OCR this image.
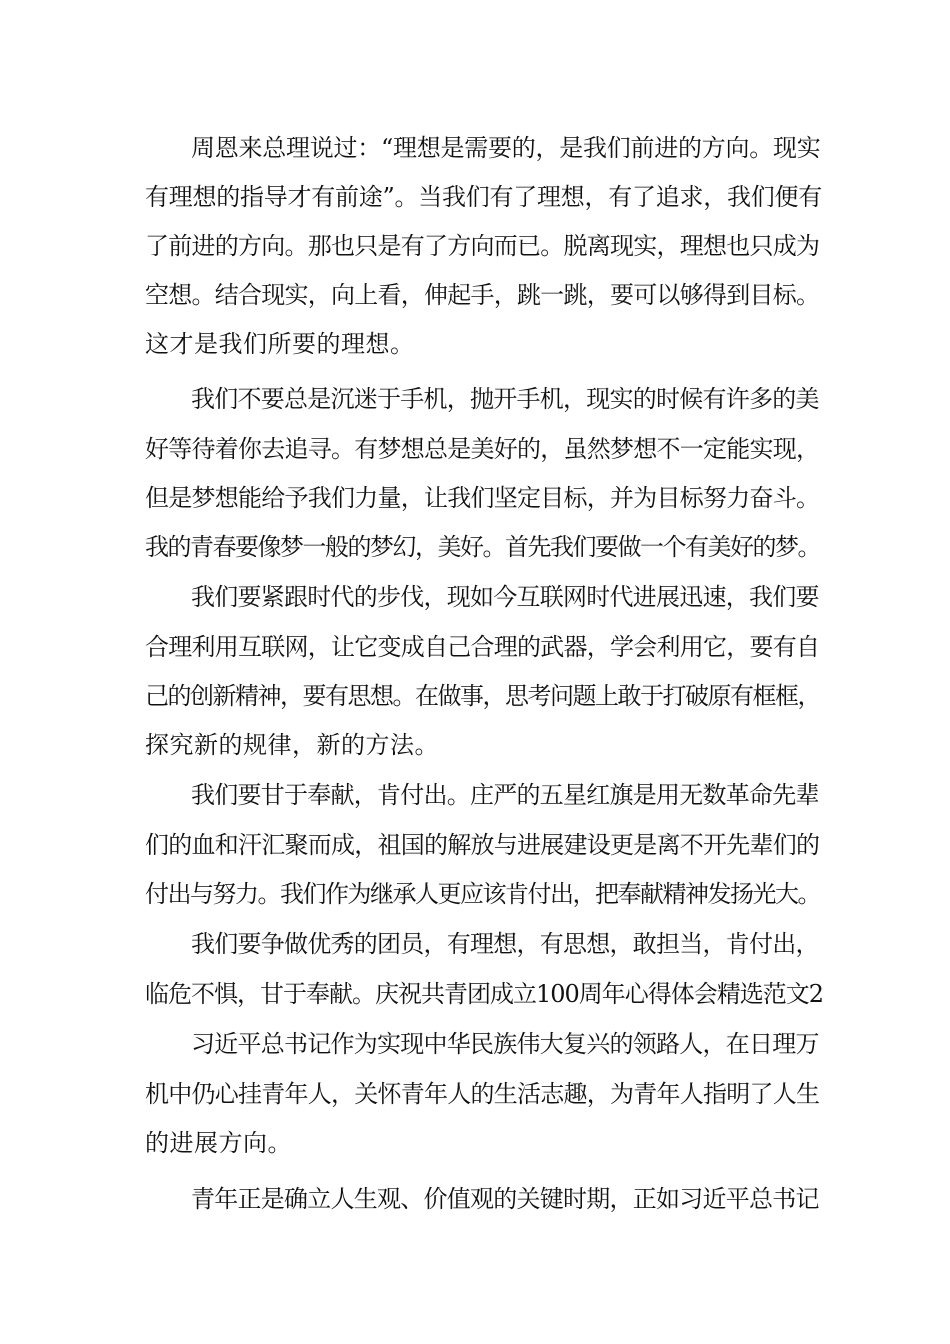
周恩来总理说过：“理想是需要的，是我们前进的方向。现实
有理想的指导才有前途”。当我们有了理想，有了追求，我们便有
了前进的方向。那也只是有了方向而已。脱离现实，理想也只成为
空想。结合现实，向上看，伸起手，跳一跳，要可以够得到目标。
这才是我们所要的理想。
我们不要总是沉迷于手机，抛开手机，现实的时候有许多的美
好等待着你去追寻。有梦想总是美好的，虽然梦想不一定能实现，
但是梦想能给予我们力量，让我们坚定目标，并为目标努力奋斗。
我的青春要像梦一般的梦幻，美好。首先我们要做一个有美好的梦。
我们要紧跟时代的步伐，现如今互联网时代进展迅速，我们要
合理利用互联网，让它变成自己合理的武器，学会利用它，要有自
己的创新精神，要有思想。在做事，思考问题上敢于打破原有框框，
探究新的规律，新的方法。
我们要甘于奉献，肯付出。庄严的五星红旗是用无数革命先辈
们的血和汗汇聚而成，祖国的解放与进展建设更是离不开先辈们的
付出与努力。我们作为继承人更应该肯付出，把奉献精神发扬光大。
我们要争做优秀的团员，有理想，有思想，敢担当，肯付出，
临危不惧，甘于奉献。庆祝共青团成立100周年心得体会精选范文2
习近平总书记作为实现中华民族伟大复兴的领路人，在日理万
机中仍心挂青年人，关怀青年人的生活志趣，为青年人指明了人生
的进展方向。
青年正是确立人生观、价值观的关键时期，正如习近平总书记
